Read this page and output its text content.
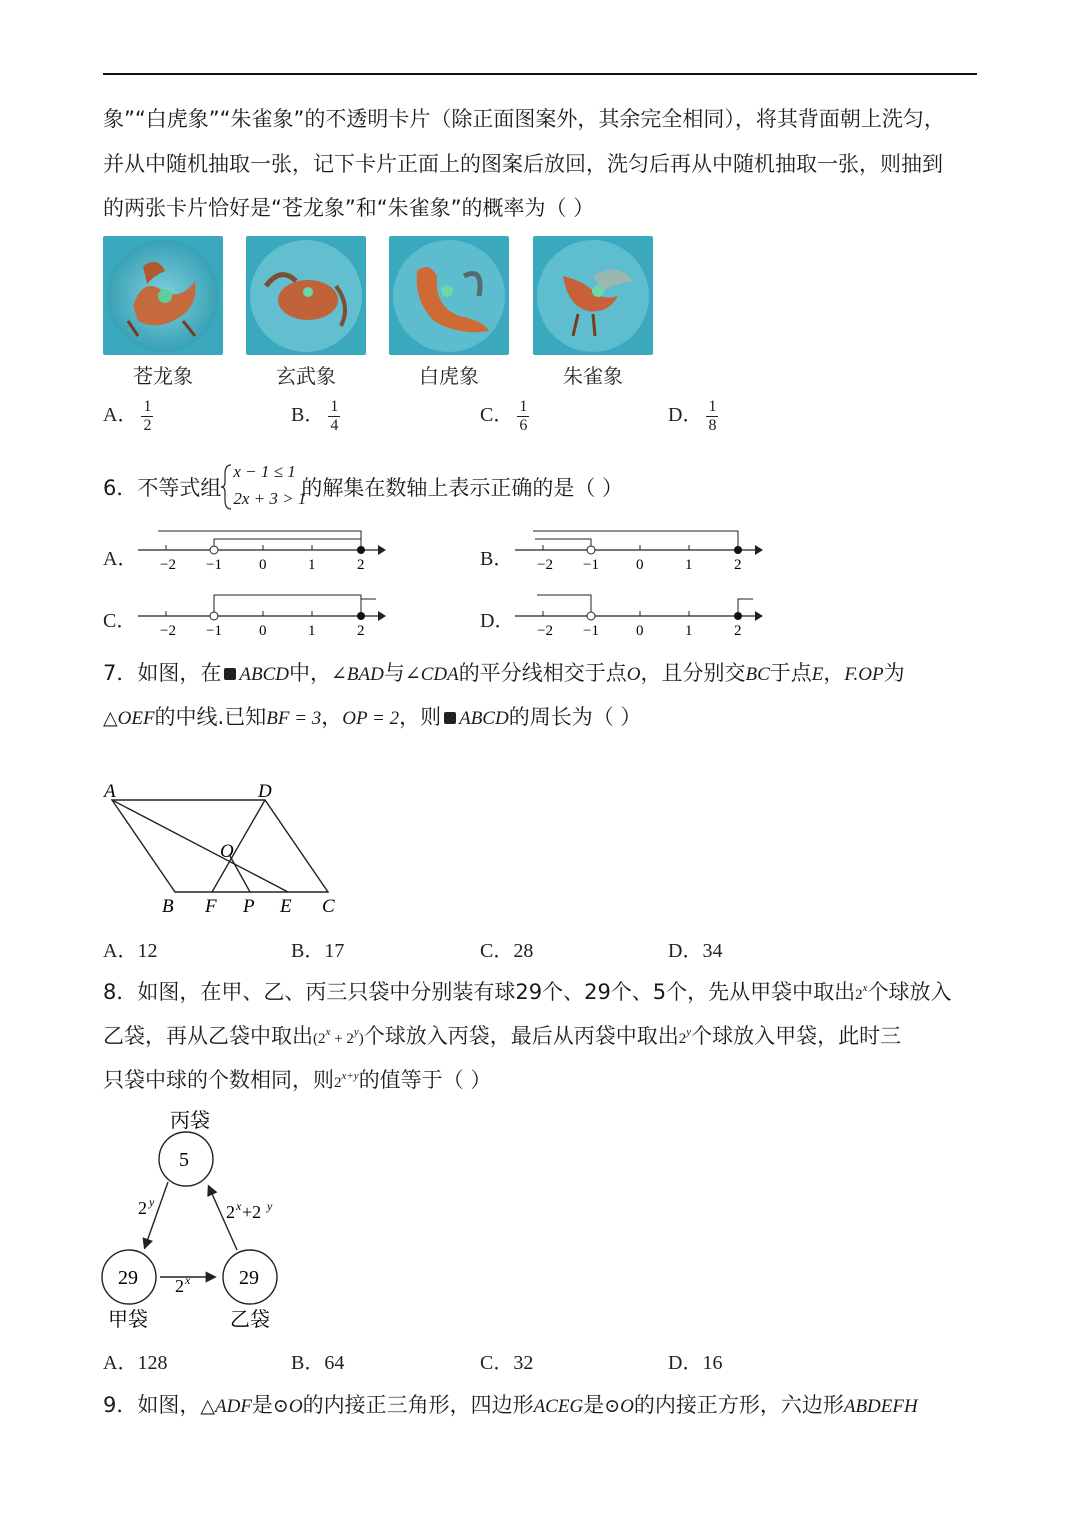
象”“白虎象”“朱雀象”的不透明卡片（除正面图案外，其余完全相同），将其背面朝上洗匀，
并从中随机抽取一张，记下卡片正面上的图案后放回，洗匀后再从中随机抽取一张，则抽到
的两张卡片恰好是“苍龙象”和“朱雀象”的概率为（ ）
苍龙象	玄武象	白虎象	朱雀象
A． $\frac{1}{2}$	B． $\frac{1}{4}$	C． $\frac{1}{6}$	D． $\frac{1}{8}$
6．不等式组
x − 1 ≤ 1
2x + 3 > 1
的解集在数轴上表示正确的是（ ）
A．	B．
C．	D．
−2 −1 0	1	2	−2 −1 0	1	2
−2 −1 0	1	2	−2 −1 0	1	2
7．如图，在 ABCD中，∠BAD与∠CDA的平分线相交于点O，且分别交BC于点E，F.OP为
△OEF的中线.已知BF = 3，OP = 2，则 ABCD的周长为（ ）
A	D
O
B F P E C
A．12	B．17	C．28	D．34
8．如图，在甲、乙、丙三只袋中分别装有球29个、29个、5个，先从甲袋中取出2$^x$个球放入
乙袋，再从乙袋中取出$(2^x + 2^y)$个球放入丙袋，最后从丙袋中取出2$^y$个球放入甲袋，此时三
只袋中球的个数相同，则$2^{x+y}$的值等于（ ）
丙袋
5
29	29
甲袋	乙袋
2 y	2 x +2 y
2 x
A．128	B．64	C．32	D．16
9．如图，△ADF是⊙O的内接正三角形，四边形ACEG是⊙O的内接正方形，六边形ABDEFH
